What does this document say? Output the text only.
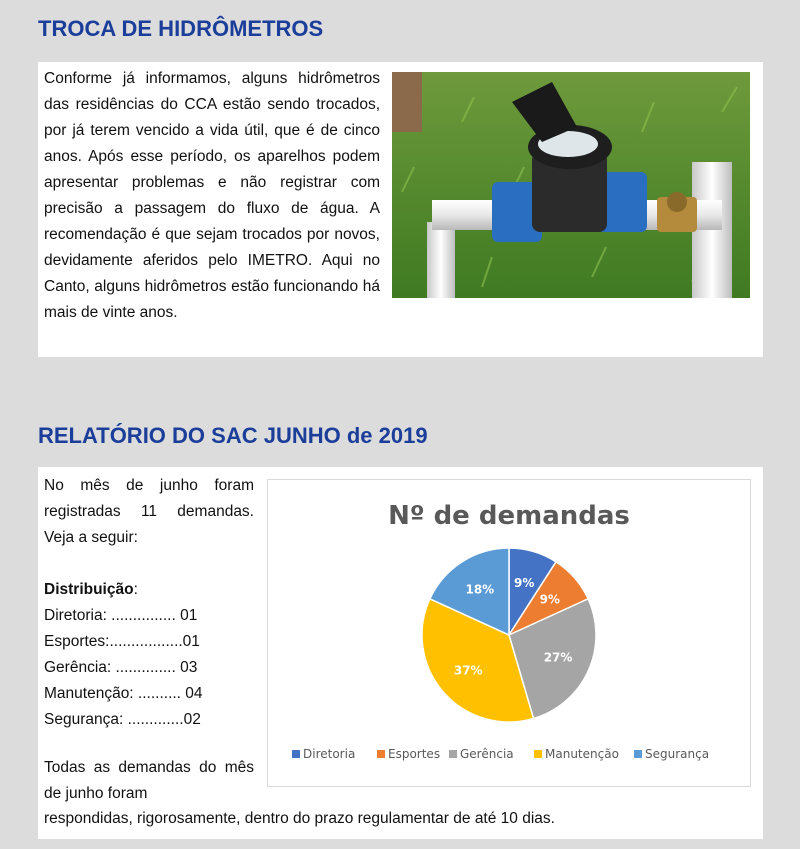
TROCA DE HIDRÔMETROS
Conforme já informamos, alguns hidrômetros das residências do CCA estão sendo trocados, por já terem vencido a vida útil, que é de cinco anos. Após esse período, os aparelhos podem apresentar problemas e não registrar com precisão a passagem do fluxo de água. A recomendação é que sejam trocados por novos, devidamente aferidos pelo IMETRO. Aqui no Canto, alguns hidrômetros estão funcionando há mais de vinte anos.
RELATÓRIO DO SAC JUNHO de 2019
No mês de junho foram registradas 11 demandas. Veja a seguir:
Distribuição:
Diretoria: ............... 01
Esportes:.................01
Gerência: .............. 03
Manutenção: .......... 04
Segurança: .............02
Todas as demandas do mês de junho foram
respondidas, rigorosamente, dentro do prazo regulamentar de até 10 dias.
Nº de demandas
9%
9%
27%
37%
18%
Diretoria	Esportes Gerência	Manutenção Segurança
